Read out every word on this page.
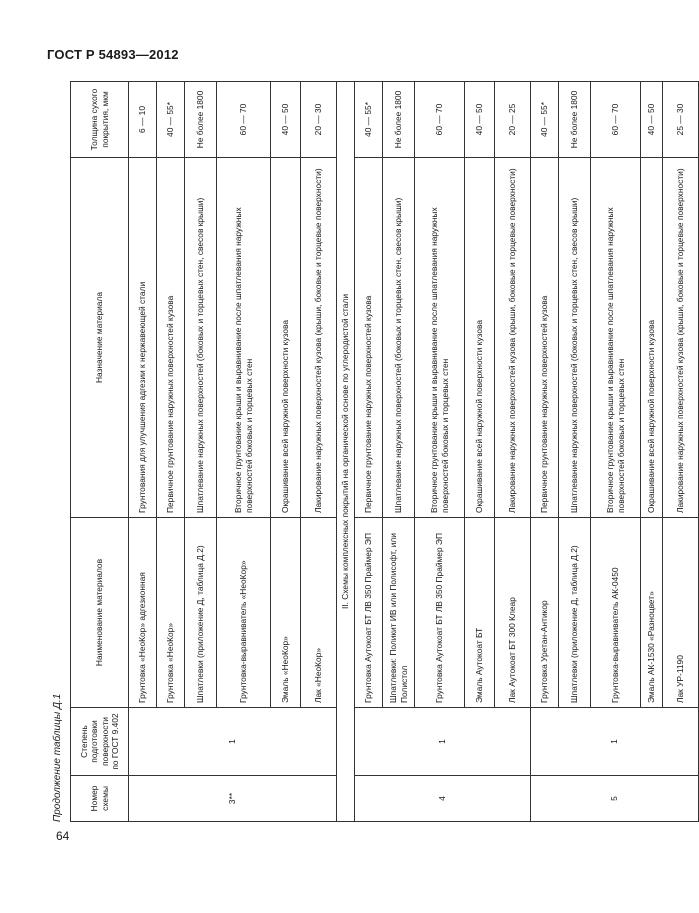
ГОСТ Р 54893—2012
Продолжение таблицы Д.1	Номер схемы	Степень подготовки поверхности по ГОСТ 9.402	Наименование материалов	Назначение материала	Толщина сухого покрытия, мкм
3**	1	Грунтовка «НеоКор» адгезионная	Грунтования для улучшения адгезии к нержавеющей стали	6 — 10
		Грунтовка «НеоКор»	Первичное грунтование наружных поверхностей кузова	40 — 55*
		Шпатлевки (приложение Д, таблица Д.2)	Шпатлевание наружных поверхностей (боковых и торцевых стен, свесов крыши)	Не более 1800
		Грунтовка-выравниватель «НеоКор»	Вторичное грунтование крыши и выравнивание после шпатлевания наружных поверхностей боковых и торцевых стен	60 — 70
		Эмаль «НеоКор»	Окрашивание всей наружной поверхности кузова	40 — 50
		Лак «НеоКор»	Лакирование наружных поверхностей кузова (крыши, боковые и торцевые поверхности)	20 — 30
II. Схемы комплексных покрытий на органической основе по углеродистой стали				
4	1	Грунтовка Аутокоат БТ ЛВ 350 Праймер ЭП	Первичное грунтование наружных поверхностей кузова	40 — 55*
		Шпатлевки: Поликит ИВ или Полисофт, или Полистол	Шпатлевание наружных поверхностей (боковых и торцевых стен, свесов крыши)	Не более 1800
		Грунтовка Аутокоат БТ ЛВ 350 Праймер ЭП	Вторичное грунтование крыши и выравнивание после шпатлевания наружных поверхностей боковых и торцевых стен	60 — 70
		Эмаль Аутокоат БТ	Окрашивание всей наружной поверхности кузова	40 — 50
		Лак Аутокоат БТ 300 Клеар	Лакирование наружных поверхностей кузова (крыши, боковые и торцевые поверхности)	20 — 25
5	1	Грунтовка Уретан-Антикор	Первичное грунтование наружных поверхностей кузова	40 — 55*
		Шпатлевки (приложение Д, таблица Д.2)	Шпатлевание наружных поверхностей (боковых и торцевых стен, свесов крыши)	Не более 1800
		Грунтовка-выравниватель АК-0450	Вторичное грунтование крыши и выравнивание после шпатлевания наружных поверхностей боковых и торцевых стен	60 — 70
		Эмаль АК-1530 «Разноцвет»	Окрашивание всей наружной поверхности кузова	40 — 50
		Лак УР-1190	Лакирование наружных поверхностей кузова (крыши, боковые и торцевые поверхности)	25 — 30
64
